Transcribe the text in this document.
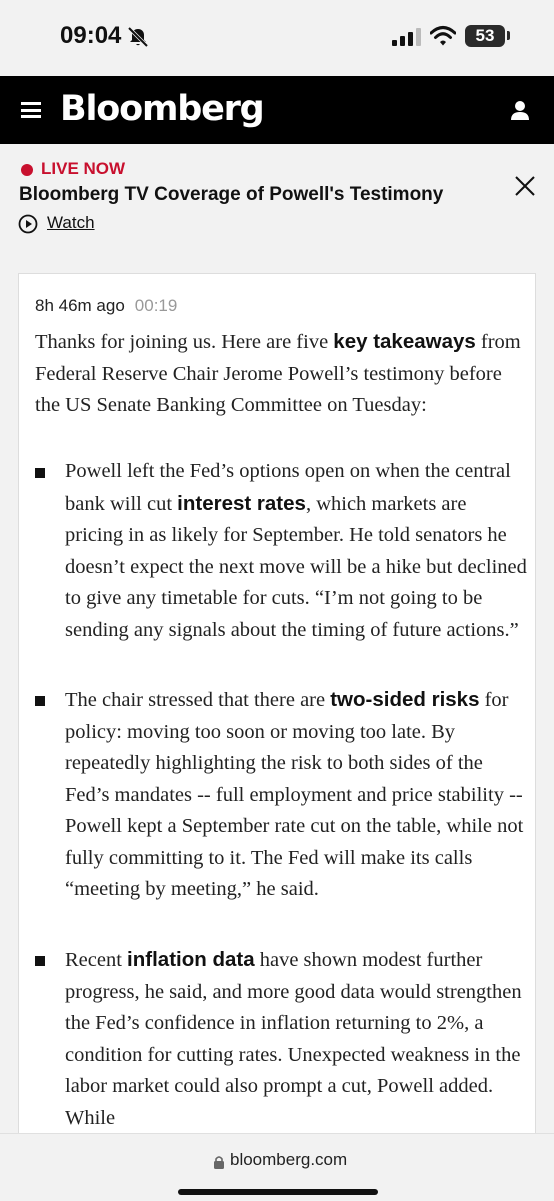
09:04	53
Bloomberg
LIVE NOW
Bloomberg TV Coverage of Powell's Testimony
Watch
8h 46m ago 00:19
Thanks for joining us. Here are five key takeaways from Federal Reserve Chair Jerome Powell’s testimony before the US Senate Banking Committee on Tuesday:
Powell left the Fed’s options open on when the central bank will cut interest rates, which markets are pricing in as likely for September. He told senators he doesn’t expect the next move will be a hike but declined to give any timetable for cuts. “I’m not going to be sending any signals about the timing of future actions.”
The chair stressed that there are two-sided risks for policy: moving too soon or moving too late. By repeatedly highlighting the risk to both sides of the Fed’s mandates -- full employment and price stability -- Powell kept a September rate cut on the table, while not fully committing to it. The Fed will make its calls “meeting by meeting,” he said.
Recent inflation data have shown modest further progress, he said, and more good data would strengthen the Fed’s confidence in inflation returning to 2%, a condition for cutting rates. Unexpected weakness in the labor market could also prompt a cut, Powell added. While
bloomberg.com
